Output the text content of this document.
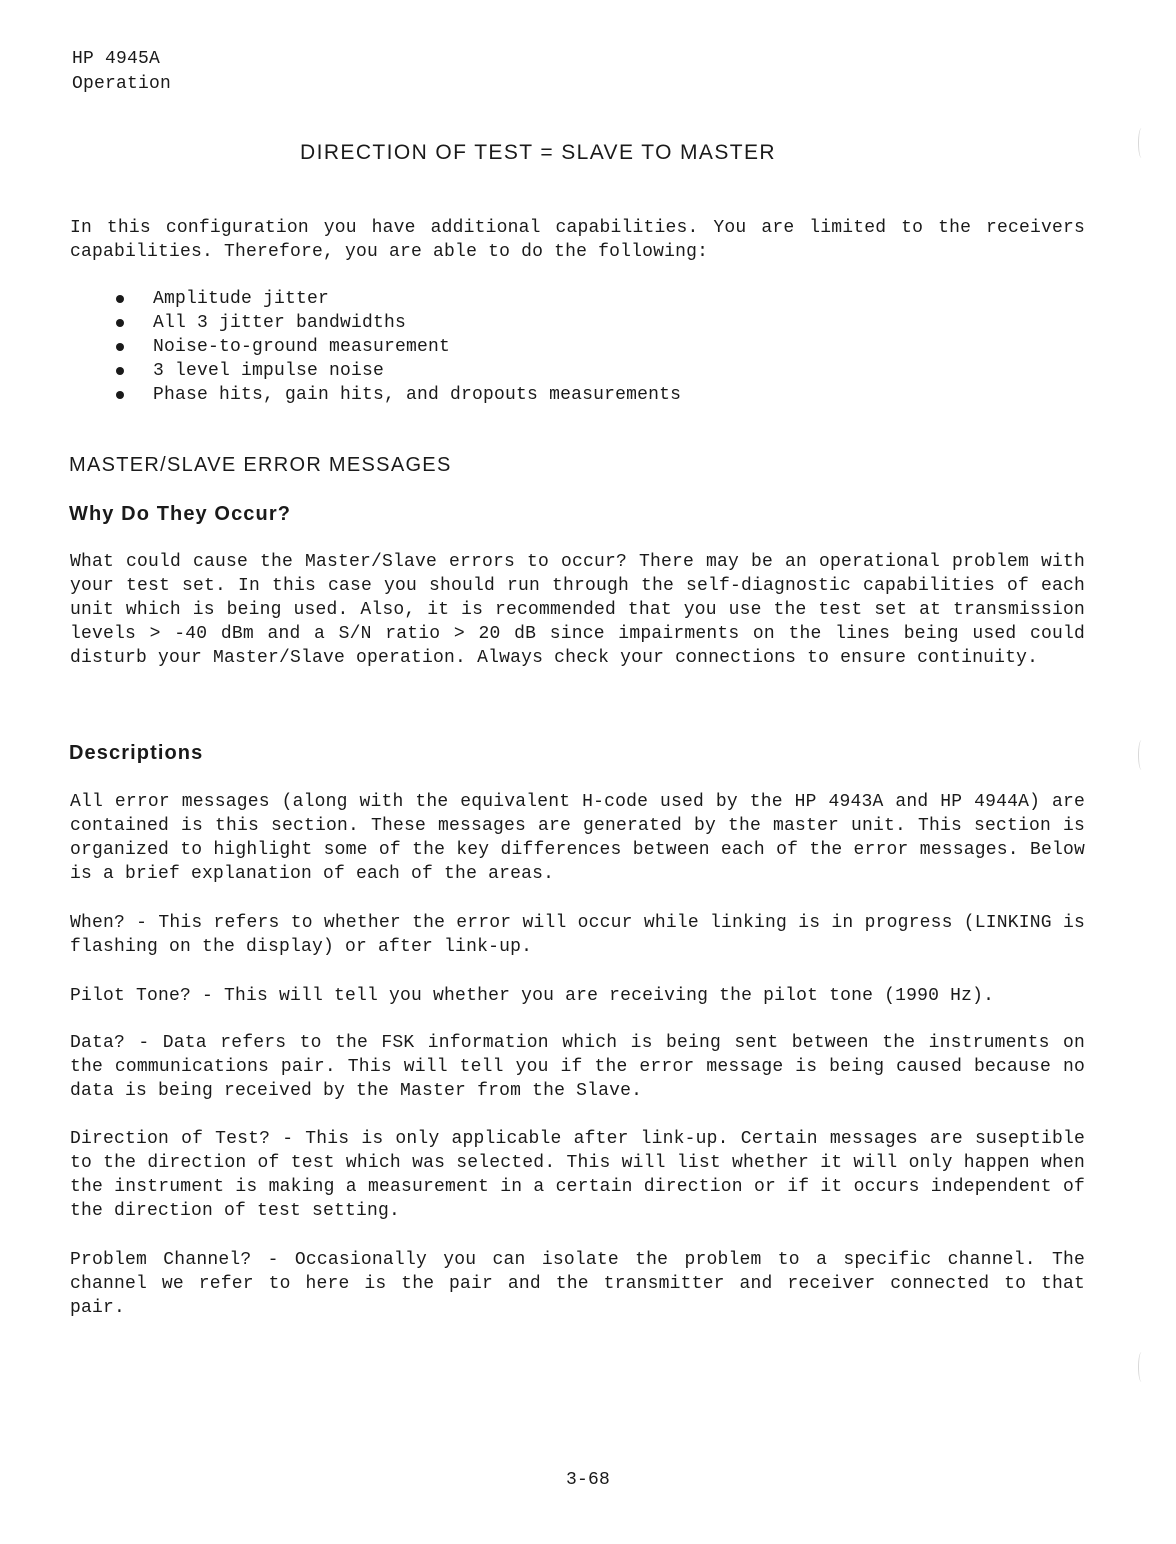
HP 4945A
Operation
DIRECTION OF TEST = SLAVE TO MASTER

In this configuration you have additional capabilities. You are limited to the receivers capabilities. Therefore, you are able to do the following:

Amplitude jitter
All 3 jitter bandwidths
Noise-to-ground measurement
3 level impulse noise
Phase hits, gain hits, and dropouts measurements
MASTER/SLAVE ERROR MESSAGES
Why Do They Occur?

What could cause the Master/Slave errors to occur? There may be an operational problem with your test set. In this case you should run through the self-diagnostic capabilities of each unit which is being used. Also, it is recommended that you use the test set at transmission levels > -40 dBm and a S/N ratio > 20 dB since impairments on the lines being used could disturb your Master/Slave operation. Always check your connections to ensure continuity.

Descriptions

All error messages (along with the equivalent H-code used by the HP 4943A and HP 4944A) are contained is this section. These messages are generated by the master unit. This section is organized to highlight some of the key differences between each of the error messages. Below is a brief explanation of each of the areas.

When? - This refers to whether the error will occur while linking is in progress (LINKING is flashing on the display) or after link-up.

Pilot Tone? - This will tell you whether you are receiving the pilot tone (1990 Hz).

Data? - Data refers to the FSK information which is being sent between the instruments on the communications pair. This will tell you if the error message is being caused because no data is being received by the Master from the Slave.

Direction of Test? - This is only applicable after link-up. Certain messages are suseptible to the direction of test which was selected. This will list whether it will only happen when the instrument is making a measurement in a certain direction or if it occurs independent of the direction of test setting.

Problem Channel? - Occasionally you can isolate the problem to a specific channel. The channel we refer to here is the pair and the transmitter and receiver connected to that pair.

3-68
